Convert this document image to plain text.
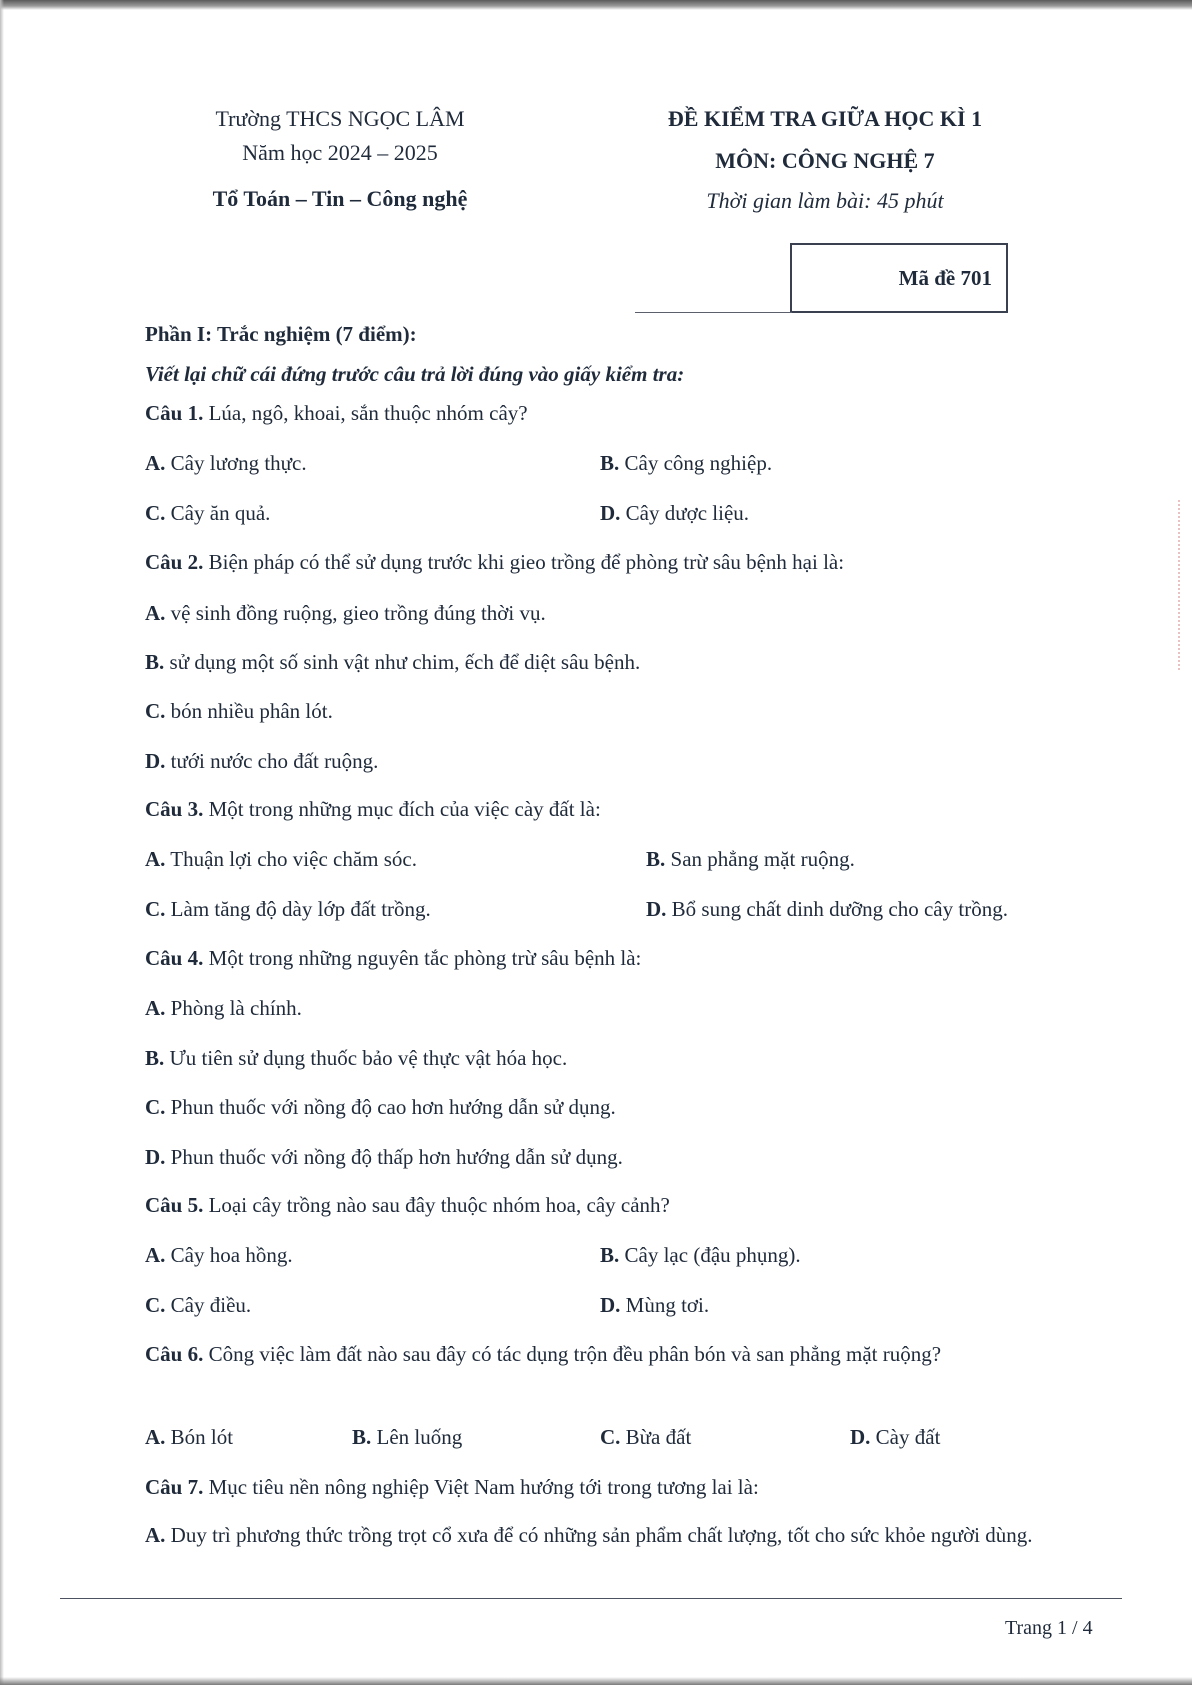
Trường THCS NGỌC LÂM
Năm học 2024 – 2025
Tổ Toán – Tin – Công nghệ
ĐỀ KIỂM TRA GIỮA HỌC KÌ 1
MÔN: CÔNG NGHỆ 7
Thời gian làm bài: 45 phút
Mã đề 701
Phần I: Trắc nghiệm (7 điểm):
Viết lại chữ cái đứng trước câu trả lời đúng vào giấy kiểm tra:
Câu 1. Lúa, ngô, khoai, sắn thuộc nhóm cây?
A. Cây lương thực.	B. Cây công nghiệp.
C. Cây ăn quả.	D. Cây dược liệu.
Câu 2. Biện pháp có thể sử dụng trước khi gieo trồng để phòng trừ sâu bệnh hại là:
A. vệ sinh đồng ruộng, gieo trồng đúng thời vụ.
B. sử dụng một số sinh vật như chim, ếch để diệt sâu bệnh.
C. bón nhiều phân lót.
D. tưới nước cho đất ruộng.
Câu 3. Một trong những mục đích của việc cày đất là:
A. Thuận lợi cho việc chăm sóc.	B. San phẳng mặt ruộng.
C. Làm tăng độ dày lớp đất trồng.	D. Bổ sung chất dinh dưỡng cho cây trồng.
Câu 4. Một trong những nguyên tắc phòng trừ sâu bệnh là:
A. Phòng là chính.
B. Ưu tiên sử dụng thuốc bảo vệ thực vật hóa học.
C. Phun thuốc với nồng độ cao hơn hướng dẫn sử dụng.
D. Phun thuốc với nồng độ thấp hơn hướng dẫn sử dụng.
Câu 5. Loại cây trồng nào sau đây thuộc nhóm hoa, cây cảnh?
A. Cây hoa hồng.	B. Cây lạc (đậu phụng).
C. Cây điều.	D. Mùng tơi.
Câu 6. Công việc làm đất nào sau đây có tác dụng trộn đều phân bón và san phẳng mặt ruộng?
A. Bón lót	B. Lên luống	C. Bừa đất	D. Cày đất
Câu 7. Mục tiêu nền nông nghiệp Việt Nam hướng tới trong tương lai là:
A. Duy trì phương thức trồng trọt cổ xưa để có những sản phẩm chất lượng, tốt cho sức khỏe người dùng.
Trang 1 / 4
